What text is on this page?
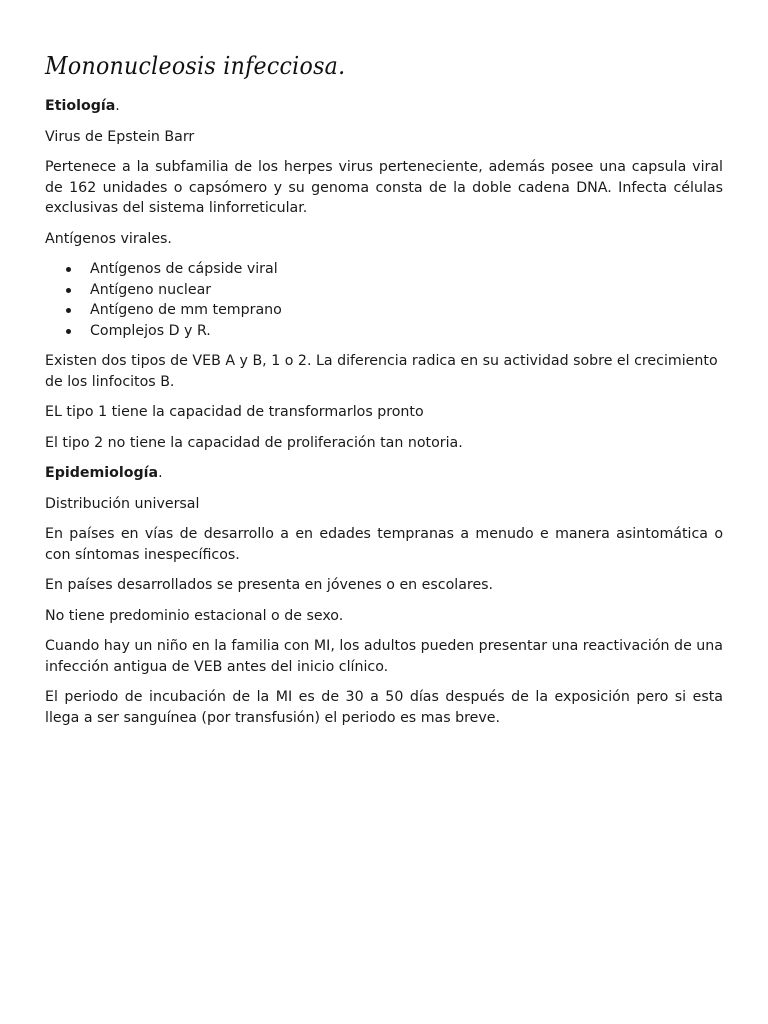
Mononucleosis infecciosa.

Etiología.

Virus de Epstein Barr

Pertenece a la subfamilia de los herpes virus perteneciente, además posee una capsula viral de 162 unidades o capsómero y su genoma consta de la doble cadena DNA. Infecta células exclusivas del sistema linforreticular.

Antígenos virales.

Antígenos de cápside viral
Antígeno nuclear
Antígeno de mm temprano
Complejos D y R.

Existen dos tipos de VEB A y B, 1 o 2. La diferencia radica en su actividad sobre el crecimiento de los linfocitos B.

EL tipo 1 tiene la capacidad de transformarlos pronto

El tipo 2 no tiene la capacidad de proliferación tan notoria.

Epidemiología.

Distribución universal

En países en vías de desarrollo a en edades tempranas a menudo e manera asintomática o con síntomas inespecíficos.

En países desarrollados se presenta en jóvenes o en escolares.

No tiene predominio estacional o de sexo.

Cuando hay un niño en la familia con MI, los adultos pueden presentar una reactivación de una infección antigua de VEB antes del inicio clínico.

El periodo de incubación de la MI es de 30 a 50 días después de la exposición pero si esta llega a ser sanguínea (por transfusión) el periodo es mas breve.
